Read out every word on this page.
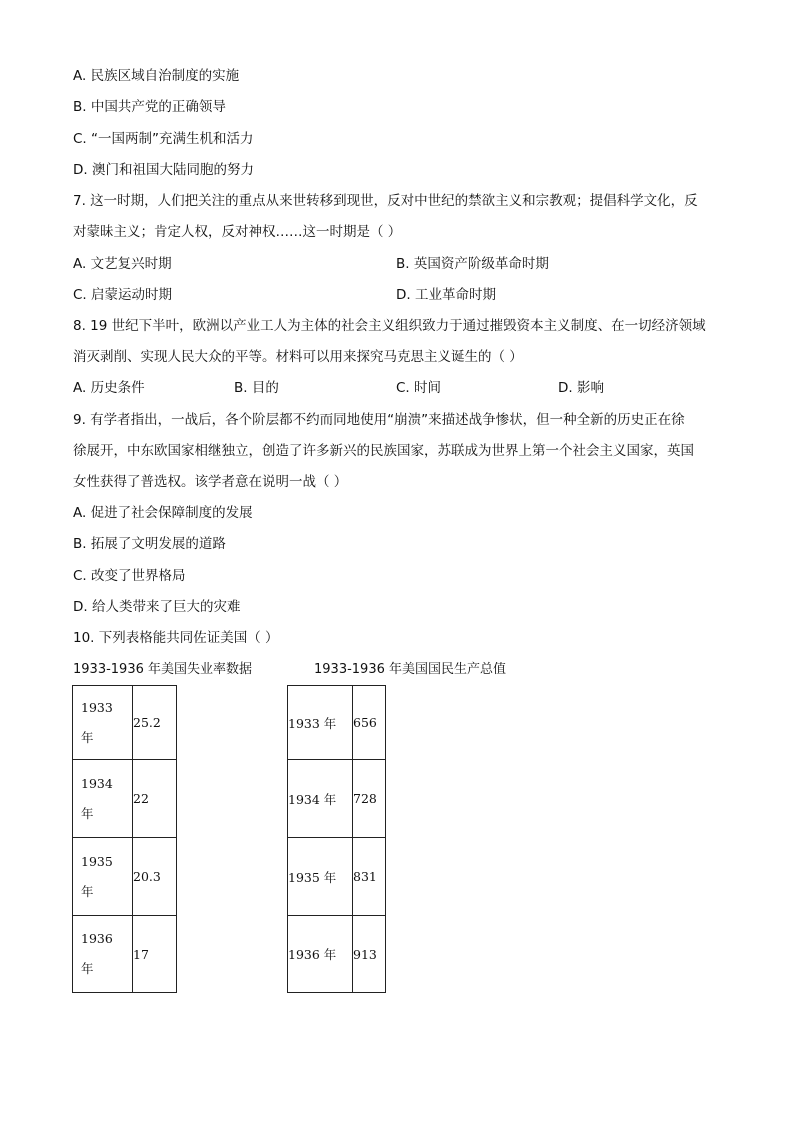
A. 民族区域自治制度的实施
B. 中国共产党的正确领导
C. “一国两制”充满生机和活力
D. 澳门和祖国大陆同胞的努力
7. 这一时期，人们把关注的重点从来世转移到现世，反对中世纪的禁欲主义和宗教观；提倡科学文化，反
对蒙昧主义；肯定人权，反对神权……这一时期是（ ）
A. 文艺复兴时期	B. 英国资产阶级革命时期
C. 启蒙运动时期	D. 工业革命时期
8. 19 世纪下半叶，欧洲以产业工人为主体的社会主义组织致力于通过摧毁资本主义制度、在一切经济领域
消灭剥削、实现人民大众的平等。材料可以用来探究马克思主义诞生的（ ）
A. 历史条件	B. 目的	C. 时间	D. 影响
9. 有学者指出，一战后，各个阶层都不约而同地使用“崩溃”来描述战争惨状，但一种全新的历史正在徐
徐展开，中东欧国家相继独立，创造了许多新兴的民族国家，苏联成为世界上第一个社会主义国家，英国
女性获得了普选权。该学者意在说明一战（ ）
A. 促进了社会保障制度的发展
B. 拓展了文明发展的道路
C. 改变了世界格局
D. 给人类带来了巨大的灾难
10. 下列表格能共同佐证美国（ ）
1933-1936 年美国失业率数据	1933-1936 年美国国民生产总值
1933
年	25.2

1934
年	22

1935
年	20.3

1936
年	17
1933 年	656
1934 年	728
1935 年	831
1936 年	913
